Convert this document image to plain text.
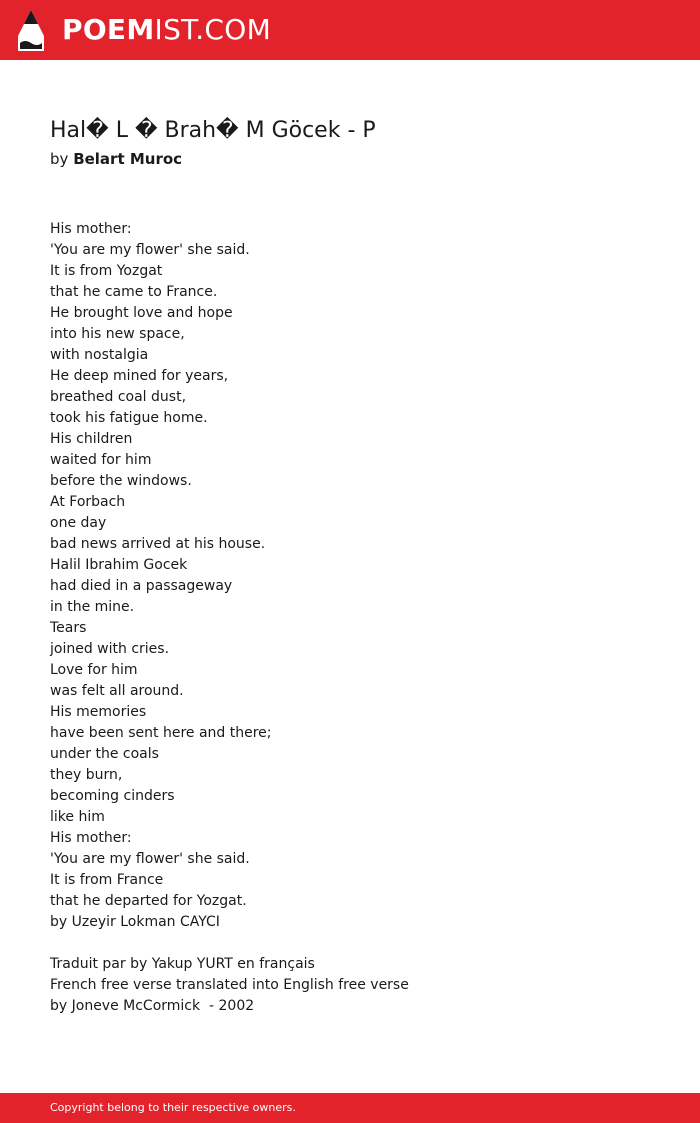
POEMIST.COM
Hal� L � Brah� M Göcek - P
by Belart Muroc
His mother:
'You are my flower' she said.
It is from Yozgat
that he came to France.
He brought love and hope
into his new space,
with nostalgia
He deep mined for years,
breathed coal dust,
took his fatigue home.
His children
waited for him
before the windows.
At Forbach
one day
bad news arrived at his house.
Halil Ibrahim Gocek
had died in a passageway
in the mine.
Tears
joined with cries.
Love for him
was felt all around.
His memories
have been sent here and there;
under the coals
they burn,
becoming cinders
like him
His mother:
'You are my flower' she said.
It is from France
that he departed for Yozgat.
by Uzeyir Lokman CAYCI
Traduit par by Yakup YURT en français
French free verse translated into English free verse
by Joneve McCormick  - 2002
Copyright belong to their respective owners.
